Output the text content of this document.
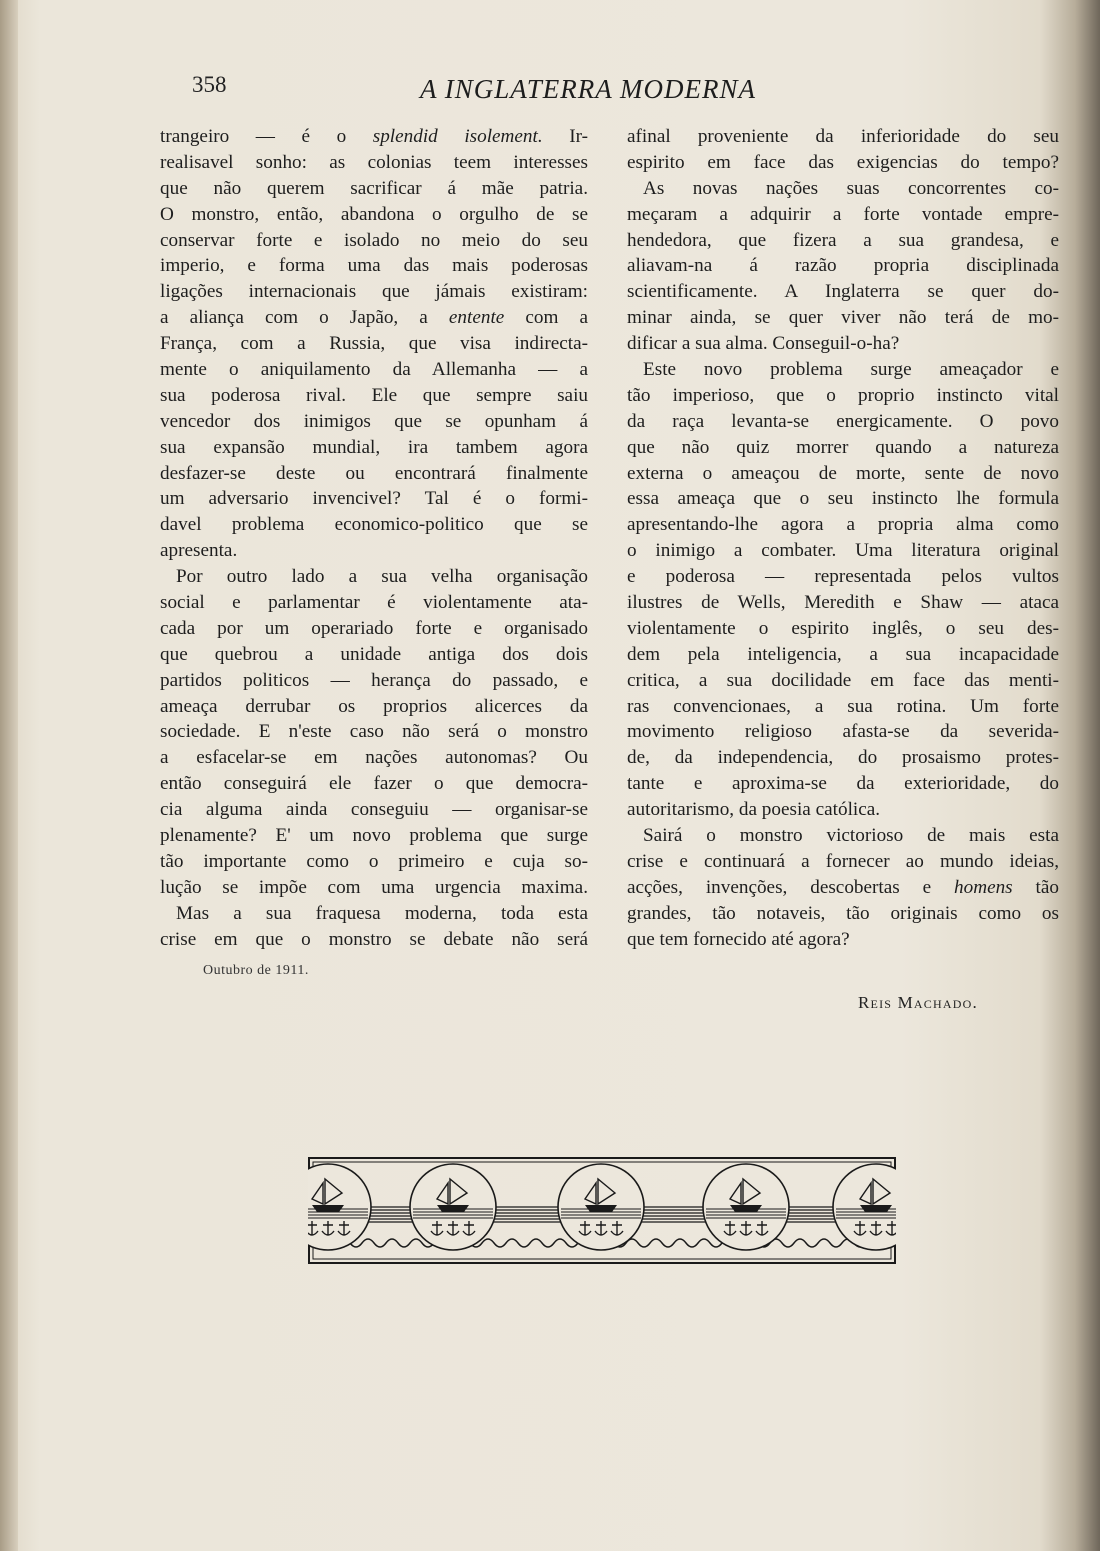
358	A INGLATERRA MODERNA
trangeiro — é o splendid isolement. Ir-
realisavel sonho: as colonias teem interesses
que não querem sacrificar á mãe patria.
O monstro, então, abandona o orgulho de se
conservar forte e isolado no meio do seu
imperio, e forma uma das mais poderosas
ligações internacionais que jámais existiram:
a aliança com o Japão, a entente com a
França, com a Russia, que visa indirecta-
mente o aniquilamento da Allemanha — a
sua poderosa rival. Ele que sempre saiu
vencedor dos inimigos que se opunham á
sua expansão mundial, ira tambem agora
desfazer-se deste ou encontrará finalmente
um adversario invencivel? Tal é o formi-
davel problema economico-politico que se
apresenta.
Por outro lado a sua velha organisação
social e parlamentar é violentamente ata-
cada por um operariado forte e organisado
que quebrou a unidade antiga dos dois
partidos politicos — herança do passado, e
ameaça derrubar os proprios alicerces da
sociedade. E n'este caso não será o monstro
a esfacelar-se em nações autonomas? Ou
então conseguirá ele fazer o que democra-
cia alguma ainda conseguiu — organisar-se
plenamente? E' um novo problema que surge
tão importante como o primeiro e cuja so-
lução se impõe com uma urgencia maxima.
Mas a sua fraquesa moderna, toda esta
crise em que o monstro se debate não será
afinal proveniente da inferioridade do seu
espirito em face das exigencias do tempo?
As novas nações suas concorrentes co-
meçaram a adquirir a forte vontade empre-
hendedora, que fizera a sua grandesa, e
aliavam-na á razão propria disciplinada
scientificamente. A Inglaterra se quer do-
minar ainda, se quer viver não terá de mo-
dificar a sua alma. Conseguil-o-ha?
Este novo problema surge ameaçador e
tão imperioso, que o proprio instincto vital
da raça levanta-se energicamente. O povo
que não quiz morrer quando a natureza
externa o ameaçou de morte, sente de novo
essa ameaça que o seu instincto lhe formula
apresentando-lhe agora a propria alma como
o inimigo a combater. Uma literatura original
e poderosa — representada pelos vultos
ilustres de Wells, Meredith e Shaw — ataca
violentamente o espirito inglês, o seu des-
dem pela inteligencia, a sua incapacidade
critica, a sua docilidade em face das menti-
ras convencionaes, a sua rotina. Um forte
movimento religioso afasta-se da severida-
de, da independencia, do prosaismo protes-
tante e aproxima-se da exterioridade, do
autoritarismo, da poesia católica.
Sairá o monstro victorioso de mais esta
crise e continuará a fornecer ao mundo ideias,
acções, invenções, descobertas e homens tão
grandes, tão notaveis, tão originais como os
que tem fornecido até agora?
Outubro de 1911.
Reis Machado.
